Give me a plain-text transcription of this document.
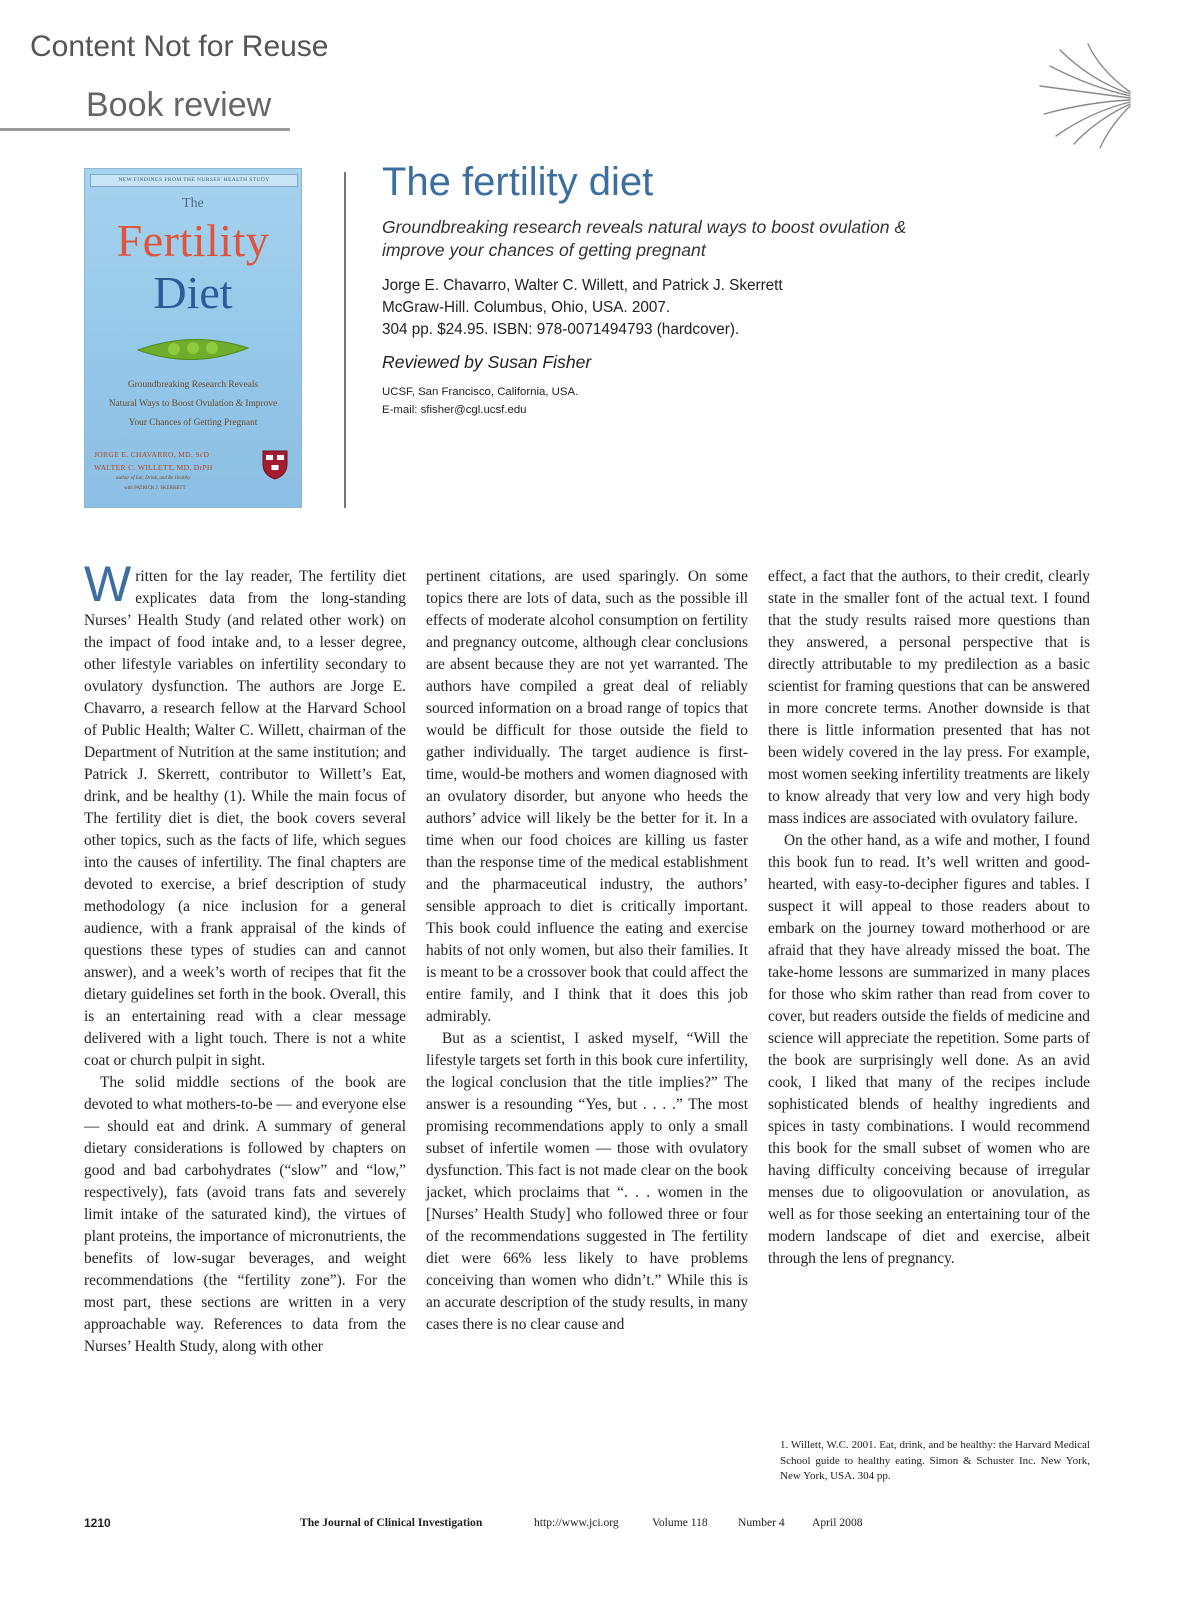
Content Not for Reuse
Book review
NEW FINDINGS FROM THE NURSES' HEALTH STUDY
The
Fertility
Diet
Groundbreaking Research Reveals
Natural Ways to Boost Ovulation & Improve
Your Chances of Getting Pregnant
JORGE E. CHAVARRO, MD, ScD
WALTER C. WILLETT, MD, DrPH
author of Eat, Drink, and Be Healthy
with PATRICK J. SKERRETT
The fertility diet
Groundbreaking research reveals natural ways to boost ovulation & improve your chances of getting pregnant
Jorge E. Chavarro, Walter C. Willett, and Patrick J. Skerrett
McGraw-Hill. Columbus, Ohio, USA. 2007.
304 pp. $24.95. ISBN: 978-0071494793 (hardcover).
Reviewed by Susan Fisher
UCSF, San Francisco, California, USA.
E-mail: sfisher@cgl.ucsf.edu

Written for the lay reader, The fertility diet explicates data from the long-standing Nurses’ Health Study (and related other work) on the impact of food intake and, to a lesser degree, other lifestyle variables on infertility secondary to ovulatory dysfunction. The authors are Jorge E. Chavarro, a research fellow at the Harvard School of Public Health; Walter C. Willett, chairman of the Department of Nutrition at the same institution; and Patrick J. Skerrett, contributor to Willett’s Eat, drink, and be healthy (1). While the main focus of The fertility diet is diet, the book covers several other topics, such as the facts of life, which segues into the causes of infertility. The final chapters are devoted to exercise, a brief description of study methodology (a nice inclusion for a general audience, with a frank appraisal of the kinds of questions these types of studies can and cannot answer), and a week’s worth of recipes that fit the dietary guidelines set forth in the book. Overall, this is an entertaining read with a clear message delivered with a light touch. There is not a white coat or church pulpit in sight.

The solid middle sections of the book are devoted to what mothers-to-be — and everyone else — should eat and drink. A summary of general dietary considerations is followed by chapters on good and bad carbohydrates (“slow” and “low,” respectively), fats (avoid trans fats and severely limit intake of the saturated kind), the virtues of plant proteins, the importance of micronutrients, the benefits of low-sugar beverages, and weight recommendations (the “fertility zone”). For the most part, these sections are written in a very approachable way. References to data from the Nurses’ Health Study, along with other

pertinent citations, are used sparingly. On some topics there are lots of data, such as the possible ill effects of moderate alcohol consumption on fertility and pregnancy outcome, although clear conclusions are absent because they are not yet warranted. The authors have compiled a great deal of reliably sourced information on a broad range of topics that would be difficult for those outside the field to gather individually. The target audience is first-time, would-be mothers and women diagnosed with an ovulatory disorder, but anyone who heeds the authors’ advice will likely be the better for it. In a time when our food choices are killing us faster than the response time of the medical establishment and the pharmaceutical industry, the authors’ sensible approach to diet is critically important. This book could influence the eating and exercise habits of not only women, but also their families. It is meant to be a crossover book that could affect the entire family, and I think that it does this job admirably.

But as a scientist, I asked myself, “Will the lifestyle targets set forth in this book cure infertility, the logical conclusion that the title implies?” The answer is a resounding “Yes, but . . . .” The most promising recommendations apply to only a small subset of infertile women — those with ovulatory dysfunction. This fact is not made clear on the book jacket, which proclaims that “. . . women in the [Nurses’ Health Study] who followed three or four of the recommendations suggested in The fertility diet were 66% less likely to have problems conceiving than women who didn’t.” While this is an accurate description of the study results, in many cases there is no clear cause and

effect, a fact that the authors, to their credit, clearly state in the smaller font of the actual text. I found that the study results raised more questions than they answered, a personal perspective that is directly attributable to my predilection as a basic scientist for framing questions that can be answered in more concrete terms. Another downside is that there is little information presented that has not been widely covered in the lay press. For example, most women seeking infertility treatments are likely to know already that very low and very high body mass indices are associated with ovulatory failure.

On the other hand, as a wife and mother, I found this book fun to read. It’s well written and good-hearted, with easy-to-decipher figures and tables. I suspect it will appeal to those readers about to embark on the journey toward motherhood or are afraid that they have already missed the boat. The take-home lessons are summarized in many places for those who skim rather than read from cover to cover, but readers outside the fields of medicine and science will appreciate the repetition. Some parts of the book are surprisingly well done. As an avid cook, I liked that many of the recipes include sophisticated blends of healthy ingredients and spices in tasty combinations. I would recommend this book for the small subset of women who are having difficulty conceiving because of irregular menses due to oligoovulation or anovulation, as well as for those seeking an entertaining tour of the modern landscape of diet and exercise, albeit through the lens of pregnancy.

1. Willett, W.C. 2001. Eat, drink, and be healthy: the Harvard Medical School guide to healthy eating. Simon & Schuster Inc. New York, New York, USA. 304 pp.
1210	The Journal of Clinical Investigation	http://www.jci.org	Volume 118	Number 4 April 2008
